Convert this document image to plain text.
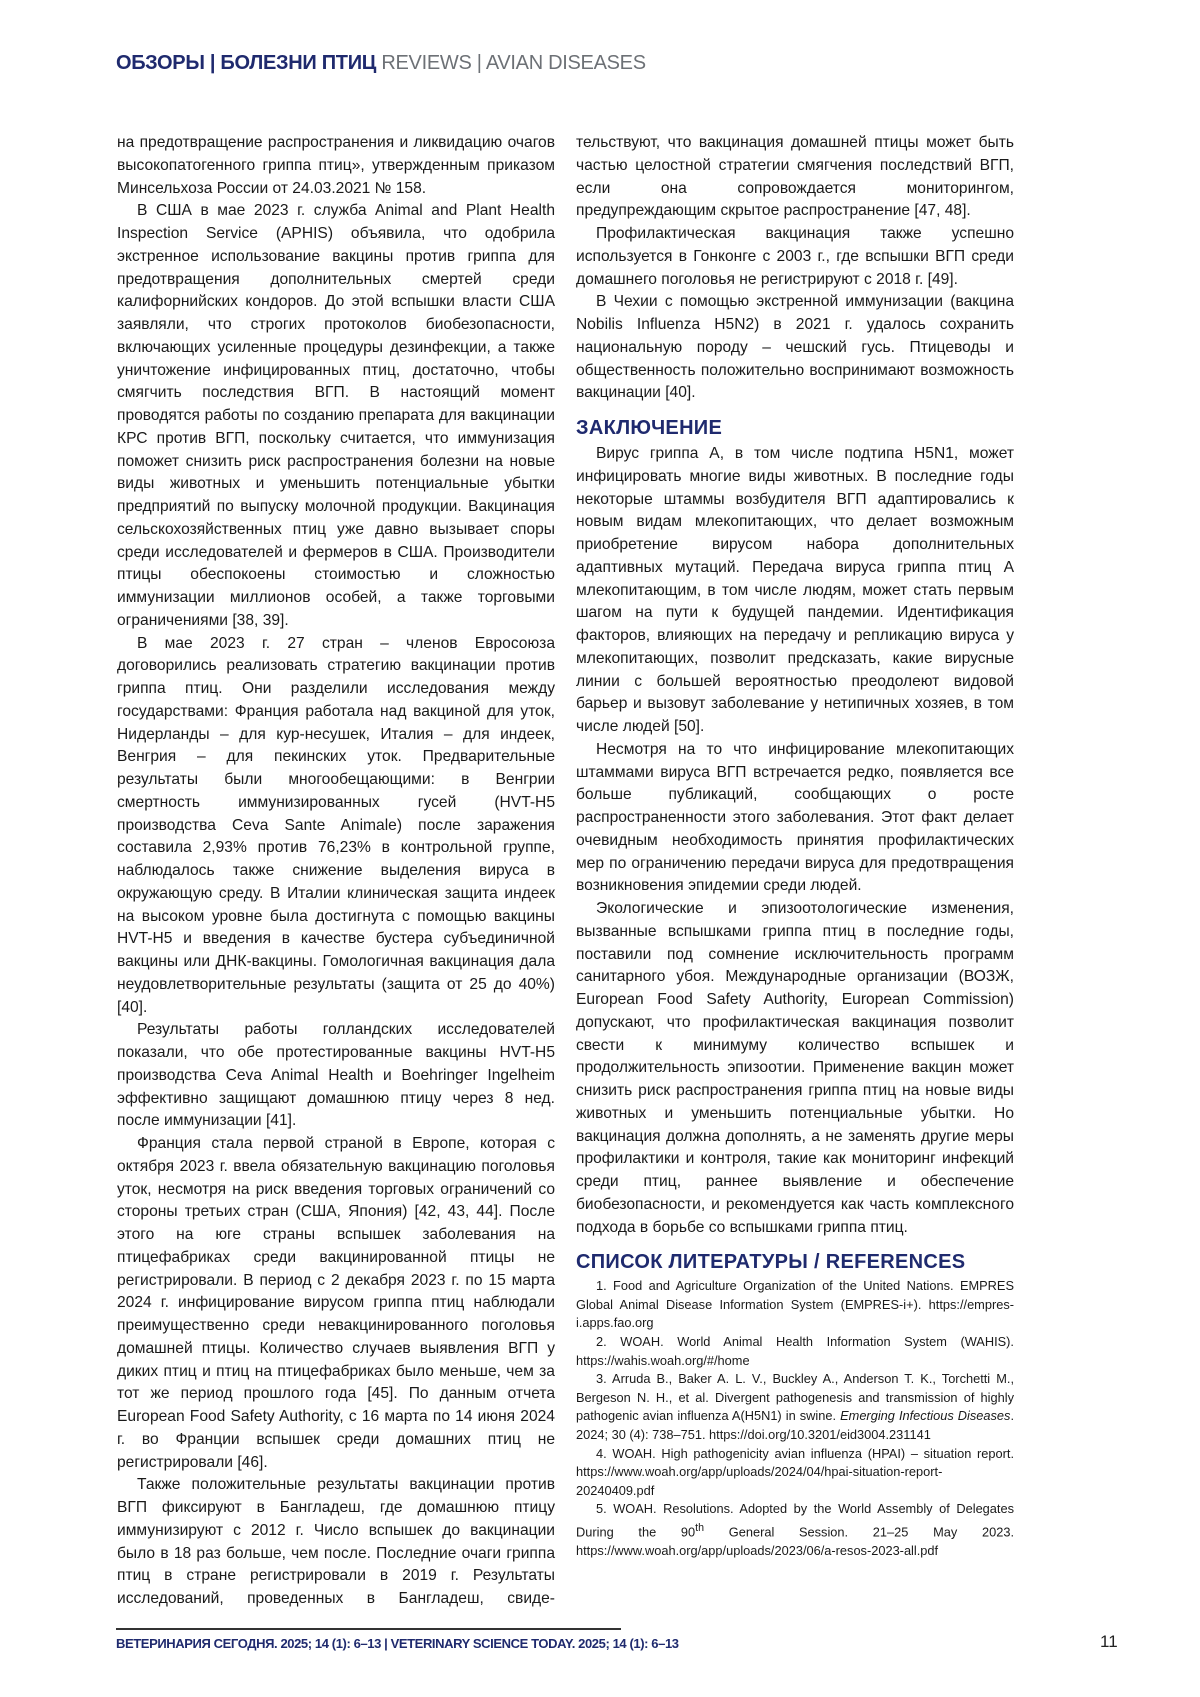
ОБЗОРЫ | БОЛЕЗНИ ПТИЦ REVIEWS | AVIAN DISEASES

на предотвращение распространения и ликвидацию очагов высокопатогенного гриппа птиц», утвержденным приказом Минсельхоза России от 24.03.2021 № 158.

В США в мае 2023 г. служба Animal and Plant Health Inspection Service (APHIS) объявила, что одобрила экстренное использование вакцины против гриппа для предотвращения дополнительных смертей среди калифорнийских кондоров. До этой вспышки власти США заявляли, что строгих протоколов биобезопасности, включающих усиленные процедуры дезинфекции, а также уничтожение инфицированных птиц, достаточно, чтобы смягчить последствия ВГП. В настоящий момент проводятся работы по созданию препарата для вакцинации КРС против ВГП, поскольку считается, что иммунизация поможет снизить риск распространения болезни на новые виды животных и уменьшить потенциальные убытки предприятий по выпуску молочной продукции. Вакцинация сельскохозяйственных птиц уже давно вызывает споры среди исследователей и фермеров в США. Производители птицы обеспокоены стоимостью и сложностью иммунизации миллионов особей, а также торговыми ограничениями [38, 39].

В мае 2023 г. 27 стран – членов Евросоюза договорились реализовать стратегию вакцинации против гриппа птиц. Они разделили исследования между государствами: Франция работала над вакциной для уток, Нидерланды – для кур-несушек, Италия – для индеек, Венгрия – для пекинских уток. Предварительные результаты были многообещающими: в Венгрии смертность иммунизированных гусей (HVT-H5 производства Ceva Sante Animale) после заражения составила 2,93% против 76,23% в контрольной группе, наблюдалось также снижение выделения вируса в окружающую среду. В Италии клиническая защита индеек на высоком уровне была достигнута с помощью вакцины HVT-H5 и введения в качестве бустера субъединичной вакцины или ДНК-вакцины. Гомологичная вакцинация дала неудовлетворительные результаты (защита от 25 до 40%) [40].

Результаты работы голландских исследователей показали, что обе протестированные вакцины HVT-H5 производства Ceva Animal Health и Boehringer Ingelheim эффективно защищают домашнюю птицу через 8 нед. после иммунизации [41].

Франция стала первой страной в Европе, которая с октября 2023 г. ввела обязательную вакцинацию поголовья уток, несмотря на риск введения торговых ограничений со стороны третьих стран (США, Япония) [42, 43, 44]. После этого на юге страны вспышек заболевания на птицефабриках среди вакцинированной птицы не регистрировали. В период с 2 декабря 2023 г. по 15 марта 2024 г. инфицирование вирусом гриппа птиц наблюдали преимущественно среди невакцинированного поголовья домашней птицы. Количество случаев выявления ВГП у диких птиц и птиц на птицефабриках было меньше, чем за тот же период прошлого года [45]. По данным отчета European Food Safety Authority, с 16 марта по 14 июня 2024 г. во Франции вспышек среди домашних птиц не регистрировали [46].

Также положительные результаты вакцинации против ВГП фиксируют в Бангладеш, где домашнюю птицу иммунизируют с 2012 г. Число вспышек до вакцинации было в 18 раз больше, чем после. Последние очаги гриппа птиц в стране регистрировали в 2019 г. Результаты исследований, проведенных в Бангладеш, свиде-

тельствуют, что вакцинация домашней птицы может быть частью целостной стратегии смягчения последствий ВГП, если она сопровождается мониторингом, предупреждающим скрытое распространение [47, 48].

Профилактическая вакцинация также успешно используется в Гонконге с 2003 г., где вспышки ВГП среди домашнего поголовья не регистрируют с 2018 г. [49].

В Чехии с помощью экстренной иммунизации (вакцина Nobilis Influenza H5N2) в 2021 г. удалось сохранить национальную породу – чешский гусь. Птицеводы и общественность положительно воспринимают возможность вакцинации [40].

ЗАКЛЮЧЕНИЕ

Вирус гриппа А, в том числе подтипа H5N1, может инфицировать многие виды животных. В последние годы некоторые штаммы возбудителя ВГП адаптировались к новым видам млекопитающих, что делает возможным приобретение вирусом набора дополнительных адаптивных мутаций. Передача вируса гриппа птиц А млекопитающим, в том числе людям, может стать первым шагом на пути к будущей пандемии. Идентификация факторов, влияющих на передачу и репликацию вируса у млекопитающих, позволит предсказать, какие вирусные линии с большей вероятностью преодолеют видовой барьер и вызовут заболевание у нетипичных хозяев, в том числе людей [50].

Несмотря на то что инфицирование млекопитающих штаммами вируса ВГП встречается редко, появляется все больше публикаций, сообщающих о росте распространенности этого заболевания. Этот факт делает очевидным необходимость принятия профилактических мер по ограничению передачи вируса для предотвращения возникновения эпидемии среди людей.

Экологические и эпизоотологические изменения, вызванные вспышками гриппа птиц в последние годы, поставили под сомнение исключительность программ санитарного убоя. Международные организации (ВОЗЖ, European Food Safety Authority, European Commission) допускают, что профилактическая вакцинация позволит свести к минимуму количество вспышек и продолжительность эпизоотии. Применение вакцин может снизить риск распространения гриппа птиц на новые виды животных и уменьшить потенциальные убытки. Но вакцинация должна дополнять, а не заменять другие меры профилактики и контроля, такие как мониторинг инфекций среди птиц, раннее выявление и обеспечение биобезопасности, и рекомендуется как часть комплексного подхода в борьбе со вспышками гриппа птиц.

СПИСОК ЛИТЕРАТУРЫ / REFERENCES

1. Food and Agriculture Organization of the United Nations. EMPRES Global Animal Disease Information System (EMPRES-i+). https://empres-i.apps.fao.org

2. WOAH. World Animal Health Information System (WAHIS). https://wahis.woah.org/#/home

3. Arruda B., Baker A. L. V., Buckley A., Anderson T. K., Torchetti M., Bergeson N. H., et al. Divergent pathogenesis and transmission of highly pathogenic avian influenza A(H5N1) in swine. Emerging Infectious Diseases. 2024; 30 (4): 738–751. https://doi.org/10.3201/eid3004.231141

4. WOAH. High pathogenicity avian influenza (HPAI) – situation report. https://www.woah.org/app/uploads/2024/04/hpai-situation-report-20240409.pdf

5. WOAH. Resolutions. Adopted by the World Assembly of Delegates During the 90th General Session. 21–25 May 2023. https://www.woah.org/app/uploads/2023/06/a-resos-2023-all.pdf

ВЕТЕРИНАРИЯ СЕГОДНЯ. 2025; 14 (1): 6–13 | VETERINARY SCIENCE TODAY. 2025; 14 (1): 6–13	11
